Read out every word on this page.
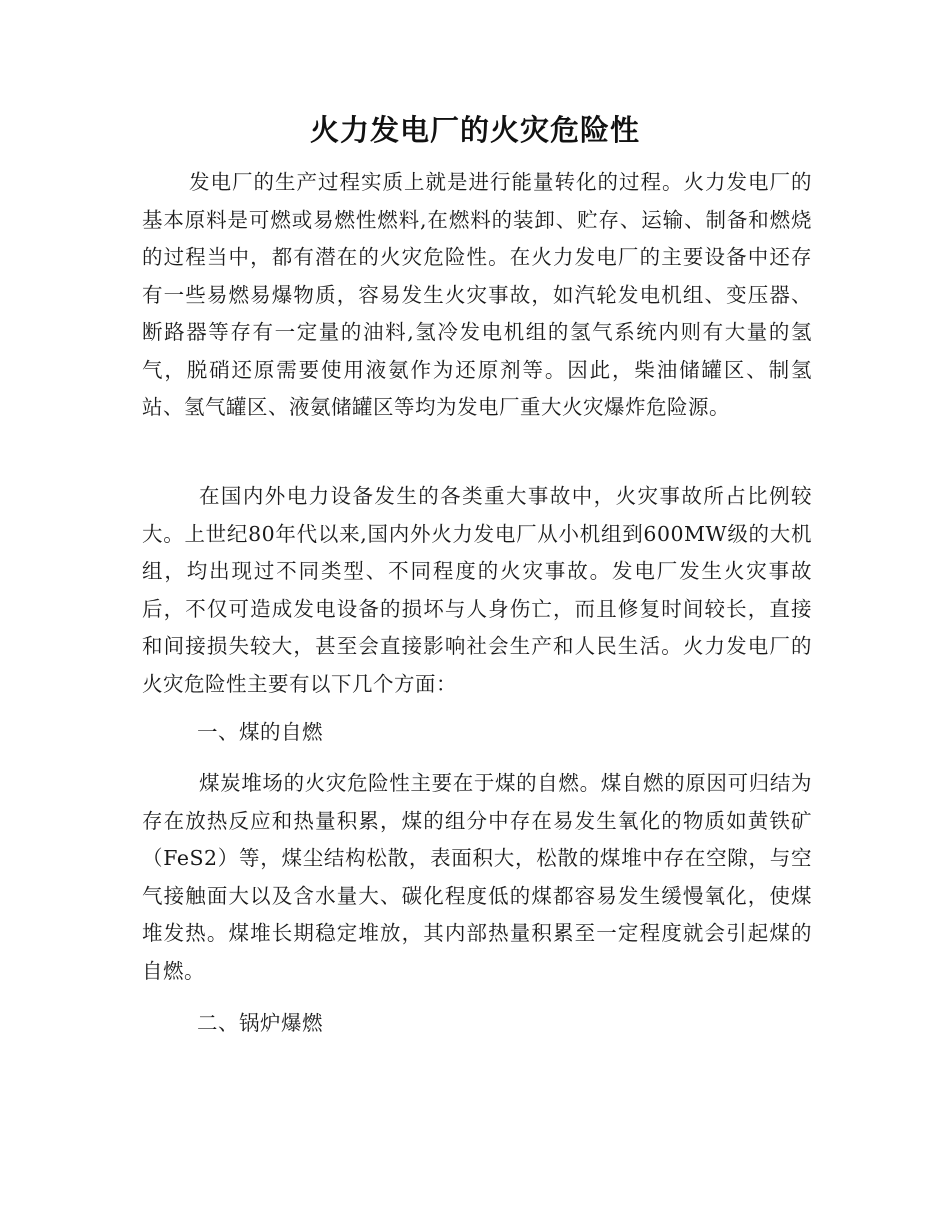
火力发电厂的火灾危险性

发电厂的生产过程实质上就是进行能量转化的过程。火力发电厂的基本原料是可燃或易燃性燃料,在燃料的装卸、贮存、运输、制备和燃烧的过程当中，都有潜在的火灾危险性。在火力发电厂的主要设备中还存有一些易燃易爆物质，容易发生火灾事故，如汽轮发电机组、变压器、断路器等存有一定量的油料,氢冷发电机组的氢气系统内则有大量的氢气，脱硝还原需要使用液氨作为还原剂等。因此，柴油储罐区、制氢站、氢气罐区、液氨储罐区等均为发电厂重大火灾爆炸危险源。

在国内外电力设备发生的各类重大事故中，火灾事故所占比例较大。上世纪80年代以来,国内外火力发电厂从小机组到600MW级的大机组，均出现过不同类型、不同程度的火灾事故。发电厂发生火灾事故后，不仅可造成发电设备的损坏与人身伤亡，而且修复时间较长，直接和间接损失较大，甚至会直接影响社会生产和人民生活。火力发电厂的火灾危险性主要有以下几个方面：

一、煤的自燃

煤炭堆场的火灾危险性主要在于煤的自燃。煤自燃的原因可归结为存在放热反应和热量积累，煤的组分中存在易发生氧化的物质如黄铁矿（FeS2）等，煤尘结构松散，表面积大，松散的煤堆中存在空隙，与空气接触面大以及含水量大、碳化程度低的煤都容易发生缓慢氧化，使煤堆发热。煤堆长期稳定堆放，其内部热量积累至一定程度就会引起煤的自燃。

二、锅炉爆燃
